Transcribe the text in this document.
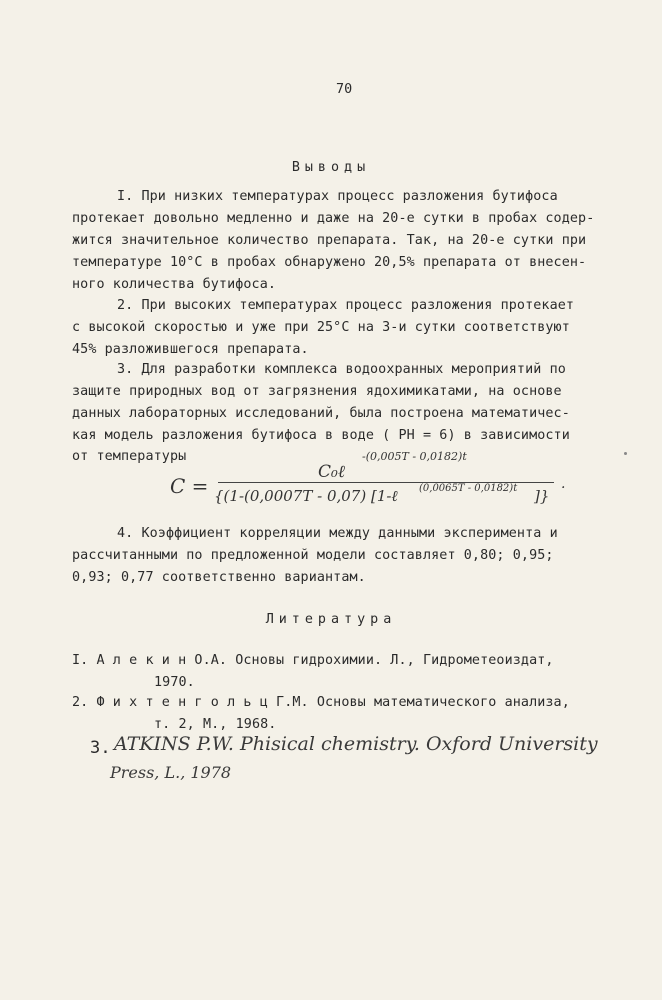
70
Выводы
I. При низких температурах процесс разложения бутифоса
протекает довольно медленно и даже на 20-е сутки в пробах содер-
жится значительное количество препарата. Так, на 20-е сутки при
температуре 10°С в пробах обнаружено 20,5% препарата от внесен-
ного количества бутифоса.
2. При высоких температурах процесс разложения протекает
с высокой скоростью и уже при 25°С на 3-и сутки соответствуют
45% разложившегося препарата.
3. Для разработки комплекса водоохранных мероприятий по
защите природных вод от загрязнения ядохимикатами, на основе
данных лабораторных исследований, была построена математичес-
кая модель разложения бутифоса в воде ( PH = 6) в зависимости
от температуры
C =
C₀ℓ
-(0,005T - 0,0182)t
{(1-(0,0007T - 0,07) [1-ℓ (0,0065T - 0,0182)t ]}
.
4. Коэффициент корреляции между данными эксперимента и
рассчитанными по предложенной модели составляет 0,80; 0,95;
0,93; 0,77 соответственно вариантам.
Литература
I. А л е к и н О.А. Основы гидрохимии. Л., Гидрометеоиздат,
1970.
2. Ф и х т е н г о л ь ц Г.М. Основы математического анализа,
т. 2, М., 1968.
3. ATKINS P.W. Phisical chemistry. Oxford University
Press, L., 1978
